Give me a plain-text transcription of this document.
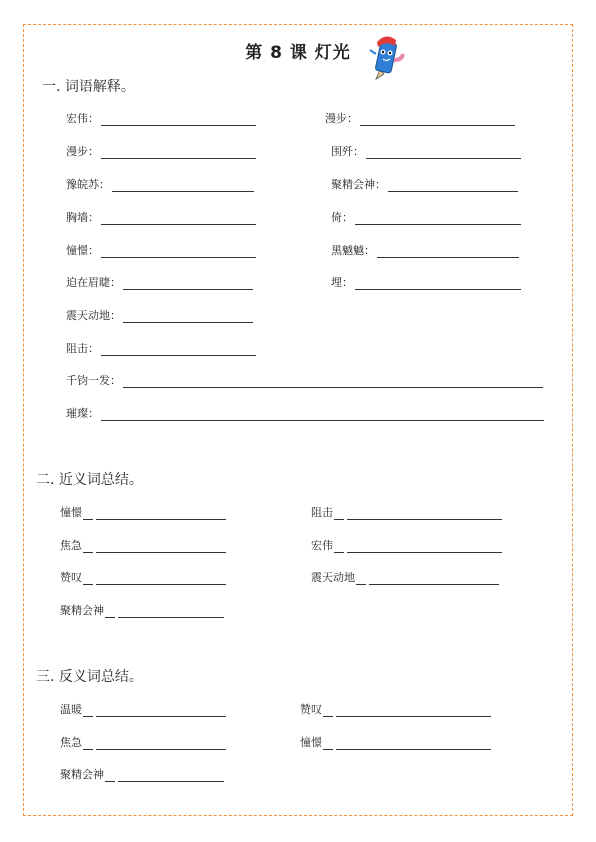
第 8 课 灯光
一. 词语解释。
宏伟：	漫步：
漫步：	围歼：
豫皖苏：	聚精会神：
胸墙：	倚：
憧憬：	黑魆魆：
迫在眉睫：	埋：
震天动地：
阻击：
千钧一发：
璀璨：
二. 近义词总结。
憧憬	阻击
焦急	宏伟
赞叹	震天动地
聚精会神
三. 反义词总结。
温暖	赞叹
焦急	憧憬
聚精会神
